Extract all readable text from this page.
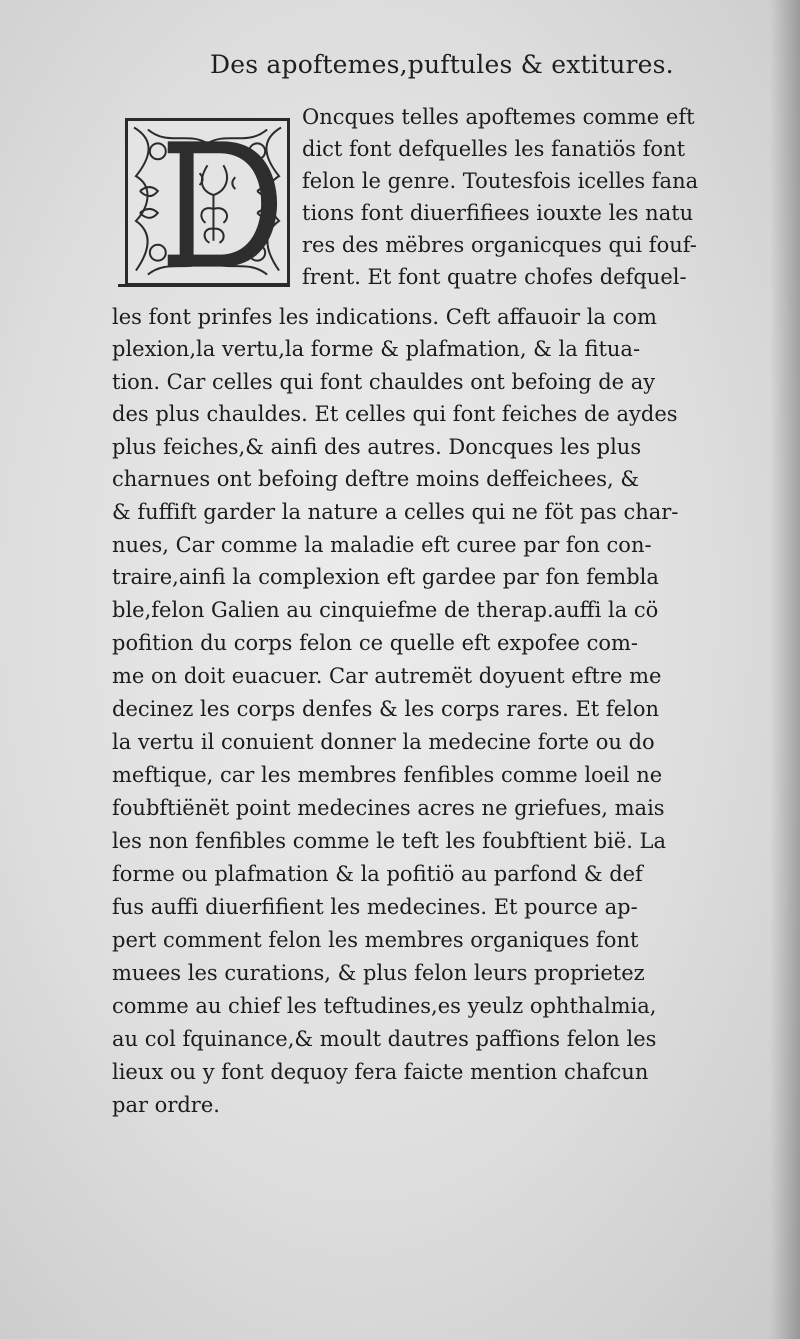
Des apoftemes,puftules & extitures.
Oncques telles apoftemes comme eft
dict font defquelles les fanatiös font
felon le genre. Toutesfois icelles fana
tions font diuerfifiees iouxte les natu
res des mëbres organicques qui fouf-
frent. Et font quatre chofes defquel-
les font prinfes les indications. Ceft affauoir la com
plexion,la vertu,la forme & plafmation, & la fitua-
tion. Car celles qui font chauldes ont befoing de ay
des plus chauldes. Et celles qui font feiches de aydes
plus feiches,& ainfi des autres. Doncques les plus
charnues ont befoing deftre moins deffeichees, &
& fuffift garder la nature a celles qui ne föt pas char-
nues, Car comme la maladie eft curee par fon con-
traire,ainfi la complexion eft gardee par fon fembla
ble,felon Galien au cinquiefme de therap.auffi la cö
pofition du corps felon ce quelle eft expofee com-
me on doit euacuer. Car autremët doyuent eftre me
decinez les corps denfes & les corps rares. Et felon
la vertu il conuient donner la medecine forte ou do
meftique, car les membres fenfibles comme loeil ne
foubftiënët point medecines acres ne griefues, mais
les non fenfibles comme le teft les foubftient bië. La
forme ou plafmation & la pofitiö au parfond & def
fus auffi diuerfifient les medecines. Et pource ap-
pert comment felon les membres organiques font
muees les curations, & plus felon leurs proprietez
comme au chief les teftudines,es yeulz ophthalmia,
au col fquinance,& moult dautres paffions felon les
lieux ou y font dequoy fera faicte mention chafcun
par ordre.
